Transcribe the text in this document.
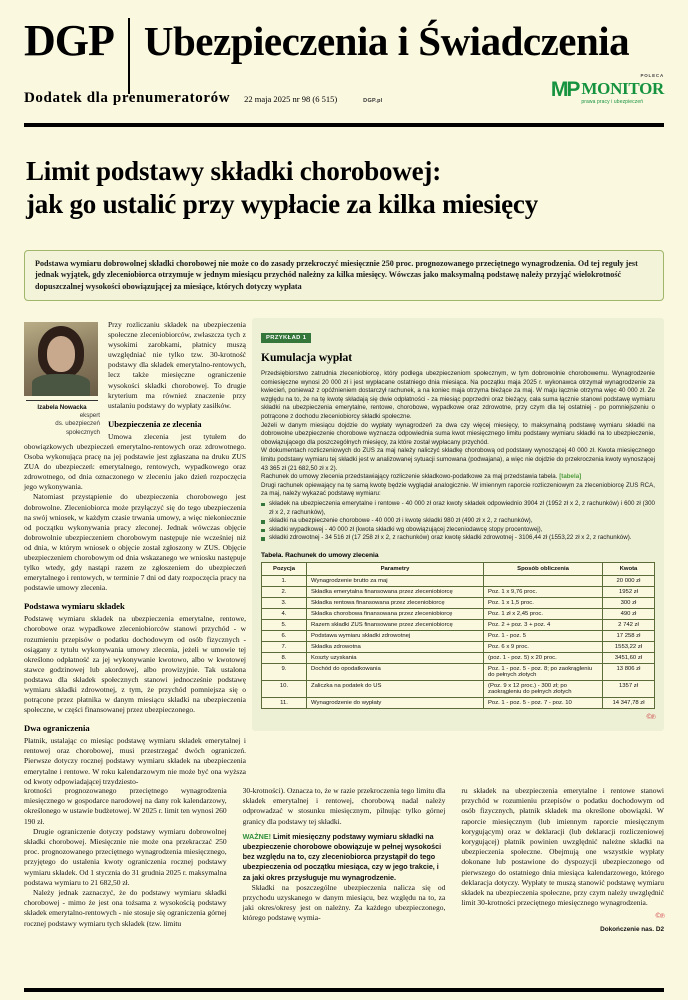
DGP Ubezpieczenia i Świadczenia
Dodatek dla prenumeratorów 22 maja 2025 nr 98 (6 515)	DGP.pl
POLECA
MP MONITOR
prawa pracy i ubezpieczeń
Limit podstawy składki chorobowej:
jak go ustalić przy wypłacie za kilka miesięcy
Podstawa wymiaru dobrowolnej składki chorobowej nie może co do zasady przekroczyć miesięcznie 250 proc. prognozowanego przeciętnego wynagrodzenia. Od tej reguły jest jednak wyjątek, gdy zleceniobiorca otrzymuje w jednym miesiącu przychód należny za kilka miesięcy. Wówczas jako maksymalną podstawę należy przyjąć wielokrotność dopuszczalnej wysokości obowiązującej za miesiące, których dotyczy wypłata
Izabela Nowacka
ekspert
ds. ubezpieczeń
społecznych

Przy rozliczaniu składek na ubezpieczenia społeczne zleceniobiorców, zwłaszcza tych z wysokimi zarobkami, płatnicy muszą uwzględniać nie tylko tzw. 30-krotność podstawy dla składek emerytalno-rentowych, lecz także miesięczne ograniczenie wysokości składki chorobowej. To drugie kryterium ma również znaczenie przy ustalaniu podstawy do wypłaty zasiłków.

Ubezpieczenia ze zlecenia

Umowa zlecenia jest tytułem do obowiązkowych ubezpieczeń emerytalno-rentowych oraz zdrowotnego. Osoba wykonująca pracę na jej podstawie jest zgłaszana na druku ZUS ZUA do ubezpieczeń: emerytalnego, rentowych, wypadkowego oraz zdrowotnego, od dnia oznaczonego w zleceniu jako dzień rozpoczęcia jego wykonywania.

Natomiast przystąpienie do ubezpieczenia chorobowego jest dobrowolne. Zleceniobiorca może przyłączyć się do tego ubezpieczenia na swój wniosek, w każdym czasie trwania umowy, a więc niekoniecznie od początku wykonywania pracy zleconej. Jednak wówczas objęcie dobrowolnie ubezpieczeniem chorobowym następuje nie wcześniej niż od dnia, w którym wniosek o objęcie został zgłoszony w ZUS. Objęcie ubezpieczeniem chorobowym od dnia wskazanego we wniosku następuje tylko wtedy, gdy nastąpi razem ze zgłoszeniem do ubezpieczeń emerytalnego i rentowych, w terminie 7 dni od daty rozpoczęcia pracy na podstawie umowy zlecenia.

Podstawa wymiaru składek

Podstawę wymiaru składek na ubezpieczenia emerytalne, rentowe, chorobowe oraz wypadkowe zleceniobiorców stanowi przychód - w rozumieniu przepisów o podatku dochodowym od osób fizycznych - osiągany z tytułu wykonywania umowy zlecenia, jeżeli w umowie tej określono odpłatność za jej wykonywanie kwotowo, albo w kwotowej stawce godzinowej lub akordowej, albo prowizyjnie. Tak ustalona podstawa dla składek społecznych stanowi jednocześnie podstawę wymiaru składki zdrowotnej, z tym, że przychód pomniejsza się o potrącone przez płatnika w danym miesiącu składki na ubezpieczenia społeczne, w części finansowanej przez ubezpieczonego.

Dwa ograniczenia

Płatnik, ustalając co miesiąc podstawę wymiaru składek emerytalnej i rentowej oraz chorobowej, musi przestrzegać dwóch ograniczeń. Pierwsze dotyczy rocznej podstawy wymiaru składek na ubezpieczenia emerytalne i rentowe. W roku kalendarzowym nie może być ona wyższa od kwoty odpowiadającej trzydziesto-

PRZYKŁAD 1
Kumulacja wypłat

Przedsiębiorstwo zatrudnia zleceniobiorcę, który podlega ubezpieczeniom społecznym, w tym dobrowolnie chorobowemu. Wynagrodzenie comiesięczne wynosi 20 000 zł i jest wypłacane ostatniego dnia miesiąca. Na początku maja 2025 r. wykonawca otrzymał wynagrodzenie za kwiecień, ponieważ z opóźnieniem dostarczył rachunek, a na koniec maja otrzyma bieżące za maj. W maju łącznie otrzyma więc 40 000 zł. Ze względu na to, że na tę kwotę składają się dwie odpłatności - za miesiąc poprzedni oraz bieżący, cała suma łącznie stanowi podstawę wymiaru składki na ubezpieczenia emerytalne, rentowe, chorobowe, wypadkowe oraz zdrowotne, przy czym dla tej ostatniej - po pomniejszeniu o potrącone z dochodu zleceniobiorcy składki społeczne.

Jeżeli w danym miesiącu dojdzie do wypłaty wynagrodzeń za dwa czy więcej miesięcy, to maksymalną podstawę wymiaru składki na dobrowolne ubezpieczenie chorobowe wyznacza odpowiednia suma kwot miesięcznego limitu podstawy wymiaru składki na to ubezpieczenie, obowiązującego dla poszczególnych miesięcy, za które został wypłacany przychód.

W dokumentach rozliczeniowych do ZUS za maj należy naliczyć składkę chorobową od podstawy wynoszącej 40 000 zł. Kwota miesięcznego limitu podstawy wymiaru tej składki jest w analizowanej sytuacji sumowana (podwajana), a więc nie dojdzie do przekroczenia kwoty wynoszącej 43 365 zł (21 682,50 zł x 2).

Rachunek do umowy zlecenia przedstawiający rozliczenie składkowo-podatkowe za maj przedstawia tabela. [tabela]

Drugi rachunek opiewający na tę samą kwotę będzie wyglądał analogicznie. W imiennym raporcie rozliczeniowym za zleceniobiorcę ZUS RCA, za maj, należy wykazać podstawę wymiaru:

składek na ubezpieczenia emerytalne i rentowe - 40 000 zł oraz kwoty składek odpowiednio 3904 zł (1952 zł x 2, z rachunków) i 600 zł (300 zł x 2, z rachunków),
składki na ubezpieczenie chorobowe - 40 000 zł i kwotę składki 980 zł (490 zł x 2, z rachunków),
składki wypadkowej - 40 000 zł (kwota składki wg obowiązującej zleceniodawcę stopy procentowej),
składki zdrowotnej - 34 516 zł (17 258 zł x 2, z rachunków) oraz kwotę składki zdrowotnej - 3106,44 zł (1553,22 zł x 2, z rachunków).
Tabela. Rachunek do umowy zlecenia
Pozycja	Parametry	Sposób obliczenia	Kwota
1.	Wynagrodzenie brutto za maj		20 000 zł
2.	Składka emerytalna finansowana przez zleceniobiorcę	Poz. 1 x 9,76 proc.	1952 zł
3.	Składka rentowa finansowana przez zleceniobiorcę	Poz. 1 x 1,5 proc.	300 zł
4.	Składka chorobowa finansowana przez zleceniobiorcę	Poz. 1 zł x 2,45 proc.	490 zł
5.	Razem składki ZUS finansowane przez zleceniobiorcę	Poz. 2 + poz. 3 + poz. 4	2 742 zł
6.	Podstawa wymiaru składki zdrowotnej	Poz. 1 - poz. 5	17 258 zł
7.	Składka zdrowotna	Poz. 6 x 9 proc.	1553,22 zł
8.	Koszty uzyskania	(poz. 1 - poz. 5) x 20 proc.	3451,60 zł
9.	Dochód do opodatkowania	Poz. 1 - poz. 5 - poz. 8; po zaokrągleniu do pełnych złotych	13 806 zł
10.	Zaliczka na podatek do US	(Poz. 9 x 12 proc.) - 300 zł; po zaokrągleniu do pełnych złotych	1357 zł
11.	Wynagrodzenie do wypłaty	Poz. 1 - poz. 5 - poz. 7 - poz. 10	14 347,78 zł
©℗

krotności prognozowanego przeciętnego wynagrodzenia miesięcznego w gospodarce narodowej na dany rok kalendarzowy, określonego w ustawie budżetowej. W 2025 r. limit ten wynosi 260 190 zł.

Drugie ograniczenie dotyczy podstawy wymiaru dobrowolnej składki chorobowej. Miesięcznie nie może ona przekraczać 250 proc. prognozowanego przeciętnego wynagrodzenia miesięcznego, przyjętego do ustalenia kwoty ograniczenia rocznej podstawy wymiaru składek. Od 1 stycznia do 31 grudnia 2025 r. maksymalna podstawa wymiaru to 21 682,50 zł.

Należy jednak zaznaczyć, że do podstawy wymiaru składki chorobowej - mimo że jest ona tożsama z wysokością podstawy składek emerytalno-rentowych - nie stosuje się ograniczenia górnej rocznej podstawy wymiaru tych składek (tzw. limitu

30-krotności). Oznacza to, że w razie przekroczenia tego limitu dla składek emerytalnej i rentowej, chorobową nadal należy odprowadzać w stosunku miesięcznym, pilnując tylko górnej granicy dla podstawy tej składki.

WAŻNE! Limit miesięczny podstawy wymiaru składki na ubezpieczenie chorobowe obowiązuje w pełnej wysokości bez względu na to, czy zleceniobiorca przystąpił do tego ubezpieczenia od początku miesiąca, czy w jego trakcie, i za jaki okres przysługuje mu wynagrodzenie.

Składki na poszczególne ubezpieczenia nalicza się od przychodu uzyskanego w danym miesiącu, bez względu na to, za jaki okres/okresy jest on należny. Za każdego ubezpieczonego, którego podstawę wymia-

ru składek na ubezpieczenia emerytalne i rentowe stanowi przychód w rozumieniu przepisów o podatku dochodowym od osób fizycznych, płatnik składek ma określone obowiązki. W raporcie miesięcznym (lub imiennym raporcie miesięcznym korygującym) oraz w deklaracji (lub deklaracji rozliczeniowej korygującej) płatnik powinien uwzględnić należne składki na ubezpieczenia społeczne. Obejmują one wszystkie wypłaty dokonane lub postawione do dyspozycji ubezpieczonego od pierwszego do ostatniego dnia miesiąca kalendarzowego, którego deklaracja dotyczy. Wypłaty te muszą stanowić podstawę wymiaru składek na ubezpieczenia społeczne, przy czym należy uwzględnić limit 30-krotności przeciętnego miesięcznego wynagrodzenia.

©℗
Dokończenie nas. D2
